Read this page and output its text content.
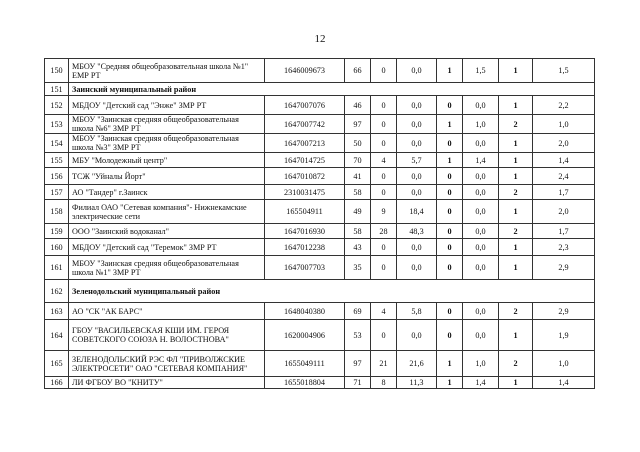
12
150	МБОУ "Средняя общеобразовательная школа №1" ЕМР РТ	1646009673	66	0	0,0	1	1,5	1	1,5
151	Заинский муниципальный район								
152	МБДОУ "Детский сад "Энже" ЗМР РТ	1647007076	46	0	0,0	0	0,0	1	2,2
153	МБОУ "Заинская средняя общеобразовательная школа №6" ЗМР РТ	1647007742	97	0	0,0	1	1,0	2	1,0
154	МБОУ "Заинская средняя общеобразовательная школа №3" ЗМР РТ	1647007213	50	0	0,0	0	0,0	1	2,0
155	МБУ "Молодежный центр"	1647014725	70	4	5,7	1	1,4	1	1,4
156	ТСЖ "Уйналы Йорт"	1647010872	41	0	0,0	0	0,0	1	2,4
157	АО "Тандер" г.Заинск	2310031475	58	0	0,0	0	0,0	2	1,7
158	Филиал ОАО "Сетевая компания"- Нижнекамские электрические сети	165504911	49	9	18,4	0	0,0	1	2,0
159	ООО "Заинский водоканал"	1647016930	58	28	48,3	0	0,0	2	1,7
160	МБДОУ "Детский сад "Теремок" ЗМР РТ	1647012238	43	0	0,0	0	0,0	1	2,3
161	МБОУ "Заинская средняя общеобразовательная школа №1" ЗМР РТ	1647007703	35	0	0,0	0	0,0	1	2,9
162	Зеленодольский муниципальный район								
163	АО "СК "АК БАРС"	1648040380	69	4	5,8	0	0,0	2	2,9
164	ГБОУ "ВАСИЛЬЕВСКАЯ КШИ ИМ. ГЕРОЯ СОВЕТСКОГО СОЮЗА Н. ВОЛОСТНОВА"	1620004906	53	0	0,0	0	0,0	1	1,9
165	ЗЕЛЕНОДОЛЬСКИЙ РЭС ФЛ "ПРИВОЛЖСКИЕ ЭЛЕКТРОСЕТИ" ОАО "СЕТЕВАЯ КОМПАНИЯ"	1655049111	97	21	21,6	1	1,0	2	1,0
166	ЛИ ФГБОУ ВО "КНИТУ"	1655018804	71	8	11,3	1	1,4	1	1,4
